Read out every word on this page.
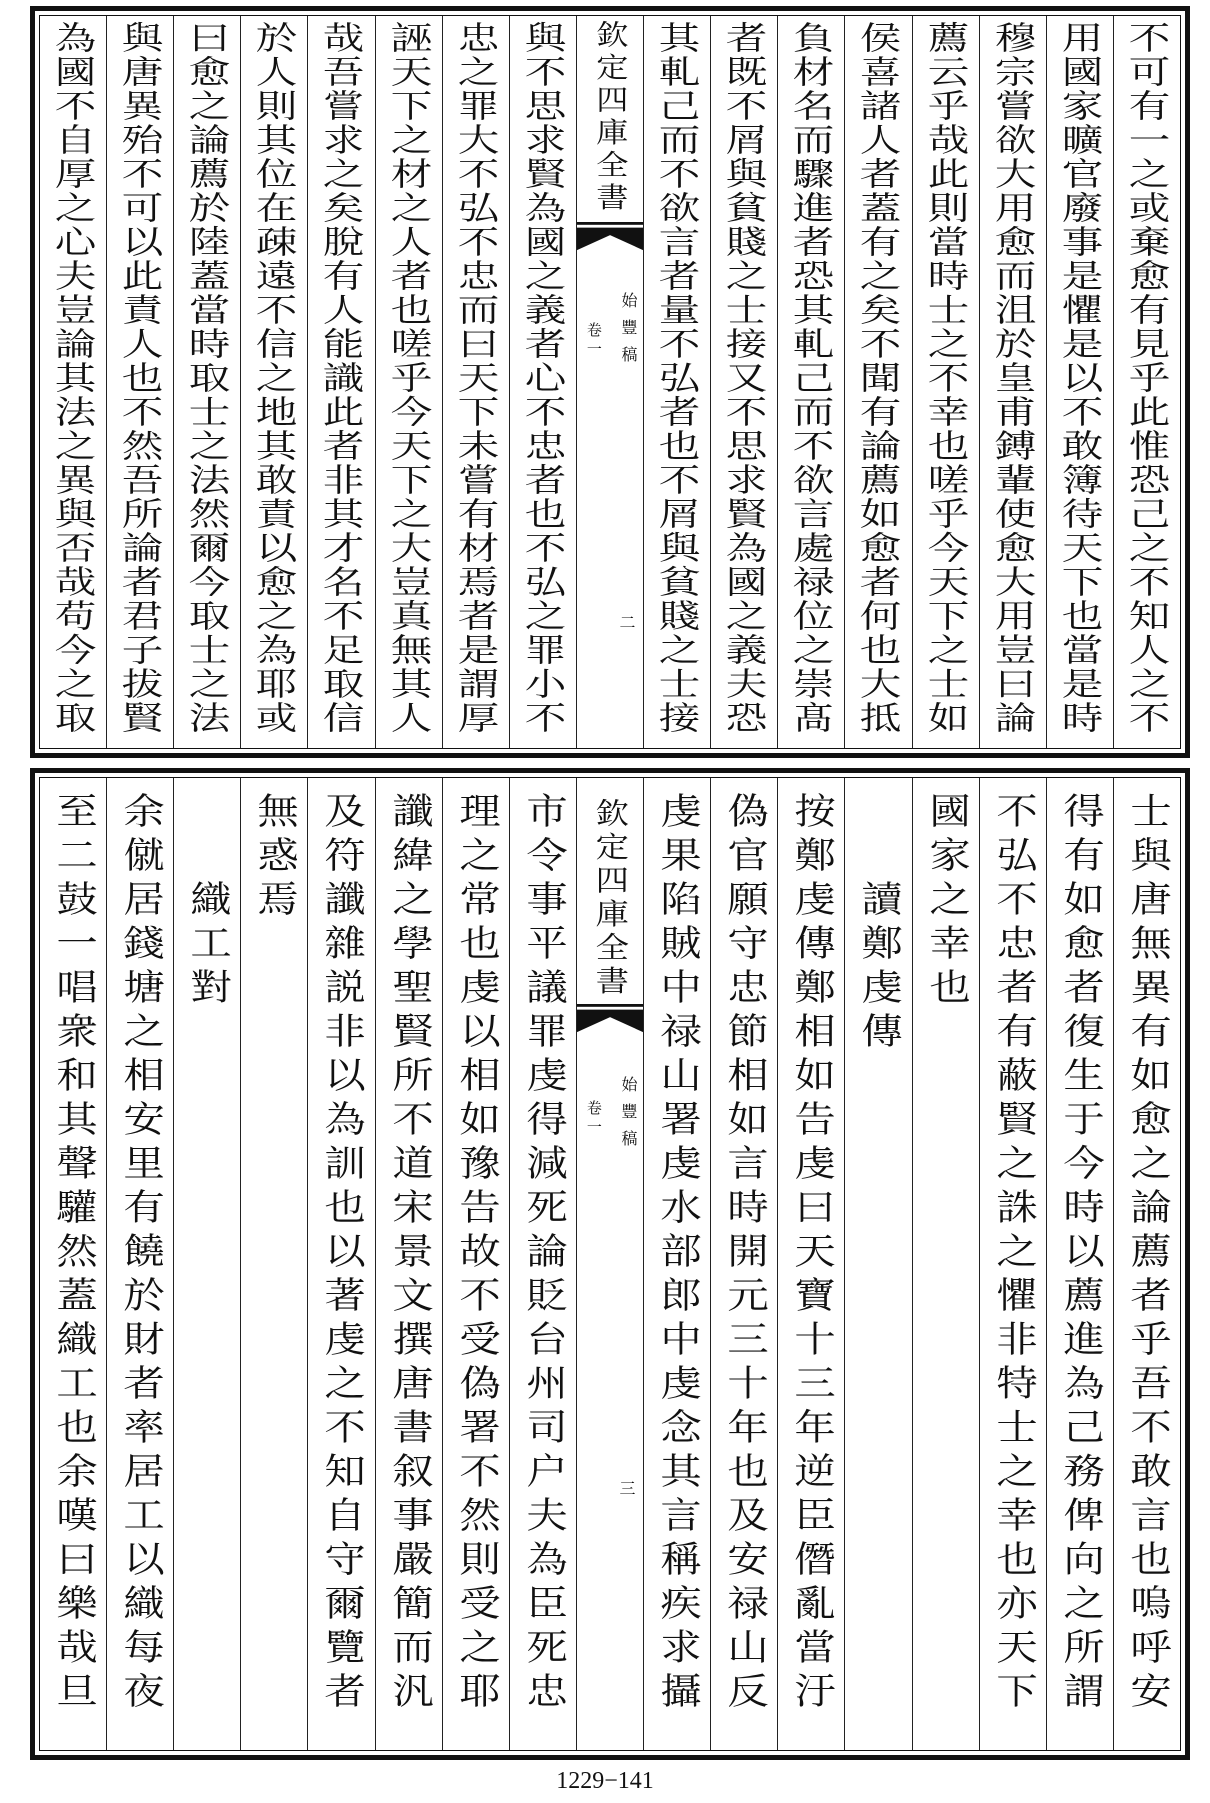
不可有一之或棄愈有見乎此惟恐己之不知人之不
用國家曠官廢事是懼是以不敢簿待天下也當是時
穆宗嘗欲大用愈而沮於皇甫鎛輩使愈大用豈曰論
薦云乎哉此則當時士之不幸也嗟乎今天下之士如
侯喜諸人者蓋有之矣不聞有論薦如愈者何也大抵
負材名而驟進者恐其軋己而不欲言處禄位之崇髙
者既不屑與貧賤之士接又不思求賢為國之義夫恐
其軋己而不欲言者量不弘者也不屑與貧賤之士接
欽定四庫全書
始豐稿
卷一
二
與不思求賢為國之義者心不忠者也不弘之罪小不
忠之罪大不弘不忠而曰天下未嘗有材焉者是謂厚
誣天下之材之人者也嗟乎今天下之大豈真無其人
哉吾嘗求之矣脫有人能識此者非其才名不足取信
於人則其位在疎遠不信之地其敢責以愈之為耶或
曰愈之論薦於陸蓋當時取士之法然爾今取士之法
與唐異殆不可以此責人也不然吾所論者君子拔賢
為國不自厚之心夫豈論其法之異與否哉苟今之取
士與唐無異有如愈之論薦者乎吾不敢言也嗚呼安
得有如愈者復生于今時以薦進為己務俾向之所謂
不弘不忠者有蔽賢之誅之懼非特士之幸也亦天下
國家之幸也
讀鄭虔傳
按鄭虔傳鄭相如告虔曰天寶十三年逆臣僭亂當汙
偽官願守忠節相如言時開元三十年也及安禄山反
虔果陷賊中禄山署虔水部郎中虔念其言稱疾求攝
欽定四庫全書
始豐稿
卷一
三
市令事平議罪虔得減死論貶台州司户夫為臣死忠
理之常也虔以相如豫告故不受偽署不然則受之耶
讖緯之學聖賢所不道宋景文撰唐書叙事嚴簡而汎
及符讖雜説非以為訓也以著虔之不知自守爾覽者
無惑焉
織工對
余僦居錢塘之相安里有饒於財者率居工以織每夜
至二鼓一唱衆和其聲驩然蓋織工也余嘆曰樂哉旦
1229−141
